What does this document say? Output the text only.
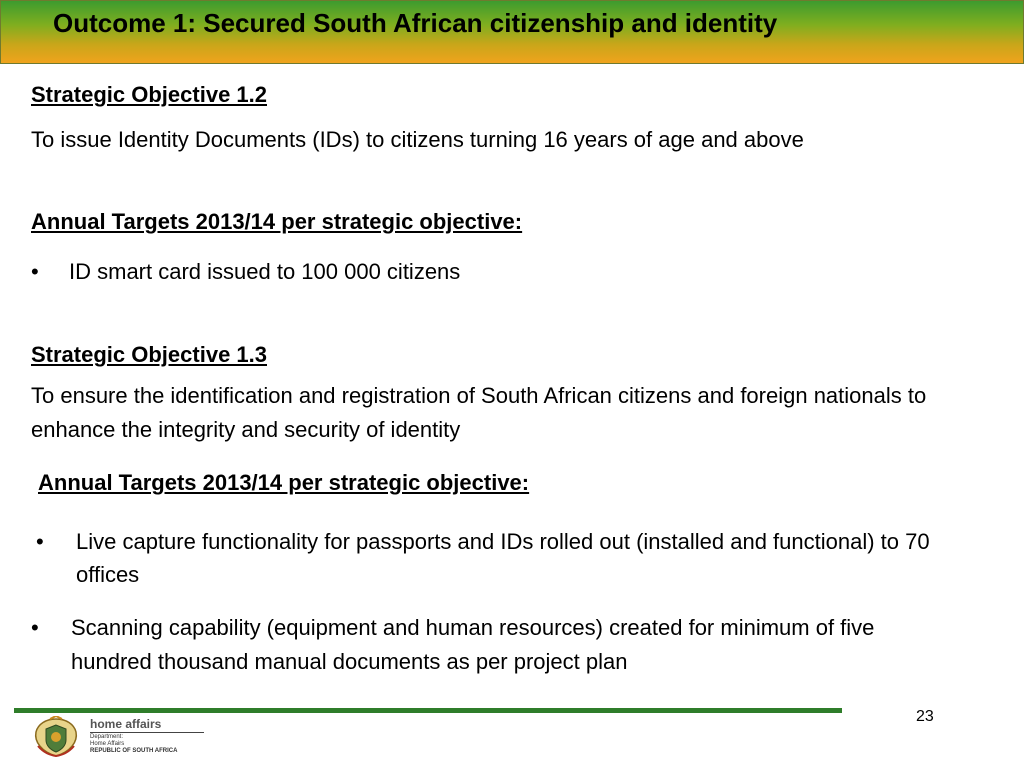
Outcome 1: Secured South African citizenship and identity
Strategic Objective 1.2
To issue Identity Documents (IDs) to citizens turning 16 years of age and above
Annual Targets 2013/14 per strategic objective:
•	ID smart card issued to 100 000 citizens
Strategic Objective 1.3
To ensure the identification and registration of South African citizens and foreign nationals to enhance the integrity and security of identity
Annual Targets 2013/14 per strategic objective:
•	Live capture functionality for passports and IDs rolled out (installed and functional) to 70 offices
•	Scanning capability (equipment and human resources) created for minimum of five hundred thousand manual documents as per project plan
home affairs
Department:
Home Affairs
REPUBLIC OF SOUTH AFRICA
23
